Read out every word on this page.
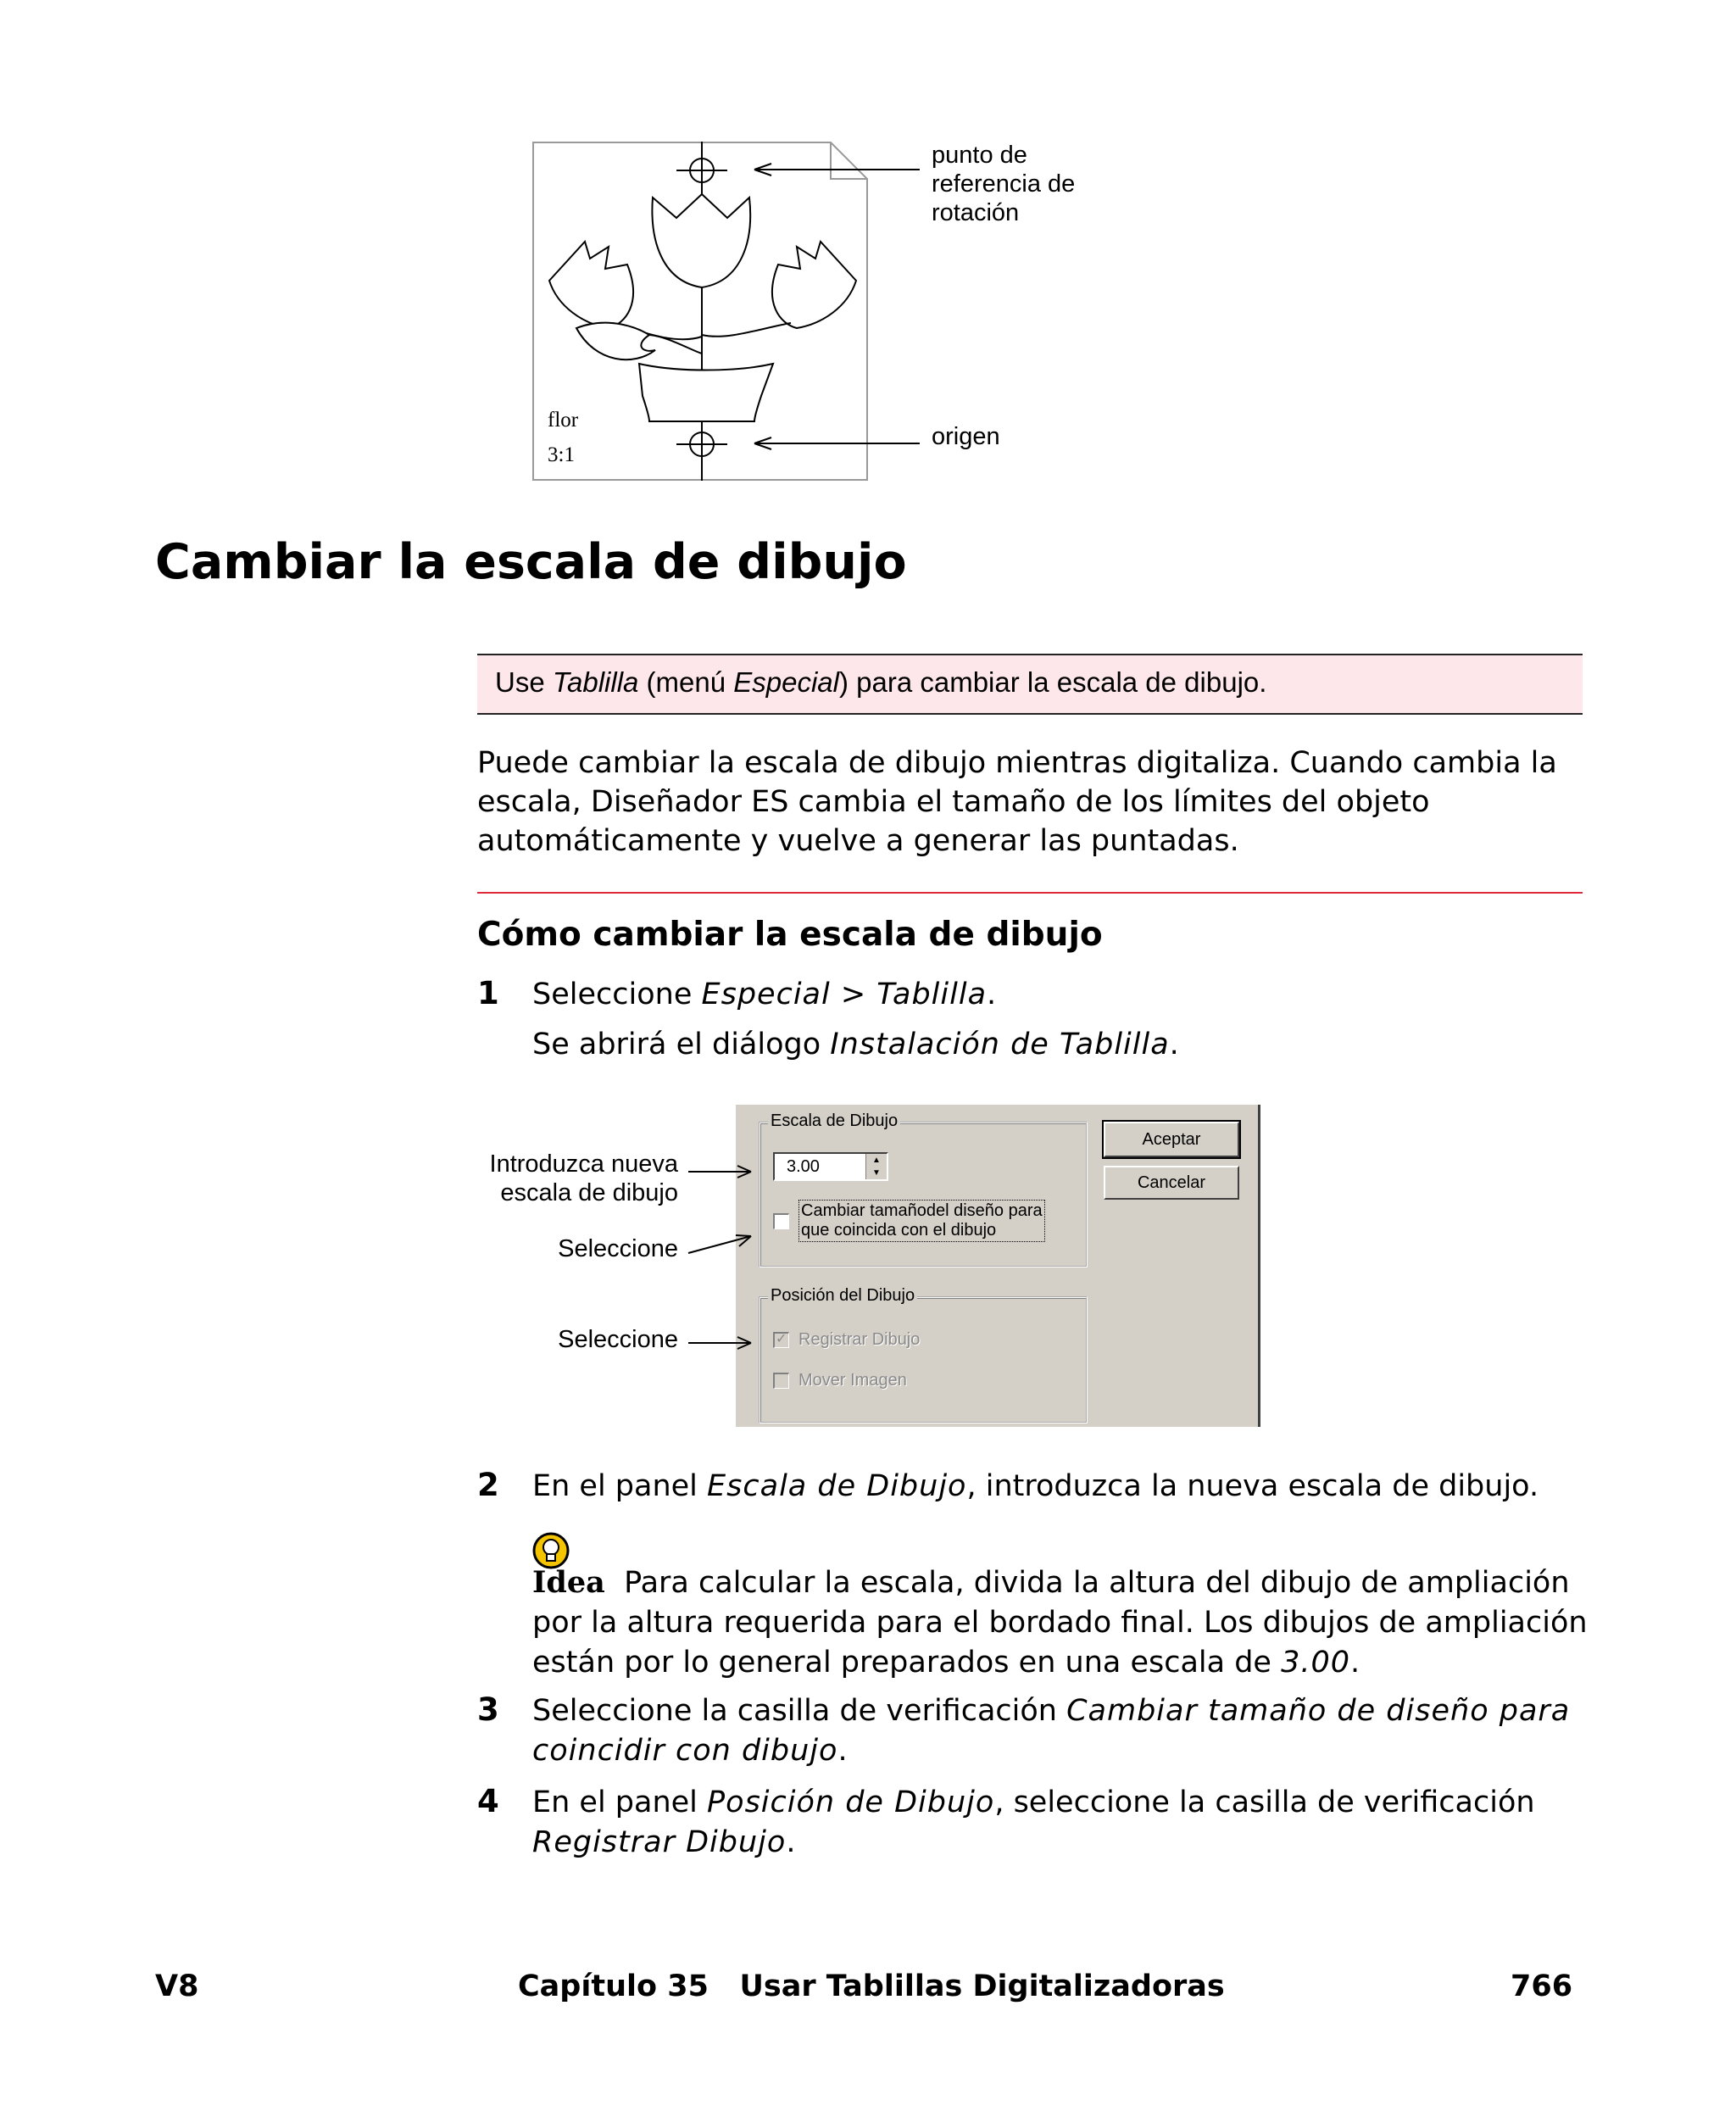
flor
3:1
punto de
referencia de
rotación
origen
Cambiar la escala de dibujo
Use Tablilla (menú Especial) para cambiar la escala de dibujo.
Puede cambiar la escala de dibujo mientras digitaliza. Cuando cambia la escala, Diseñador ES cambia el tamaño de los límites del objeto automáticamente y vuelve a generar las puntadas.
Cómo cambiar la escala de dibujo
1 Seleccione Especial > Tablilla.
Se abrirá el diálogo Instalación de Tablilla.
Escala de Dibujo
3.00	▲
▼
Cambiar tamañodel diseño para
que coincida con el dibujo
Posición del Dibujo
✓ Registrar Dibujo
Mover Imagen
Aceptar
Cancelar
Introduzca nueva
escala de dibujo
Seleccione
Seleccione
2 En el panel Escala de Dibujo, introduzca la nueva escala de dibujo.
Idea Para calcular la escala, divida la altura del dibujo de ampliación por la altura requerida para el bordado final. Los dibujos de ampliación están por lo general preparados en una escala de 3.00.
3 Seleccione la casilla de verificación Cambiar tamaño de diseño para coincidir con dibujo.
4 En el panel Posición de Dibujo, seleccione la casilla de verificación Registrar Dibujo.
V8	Capítulo 35   Usar Tablillas Digitalizadoras	766
